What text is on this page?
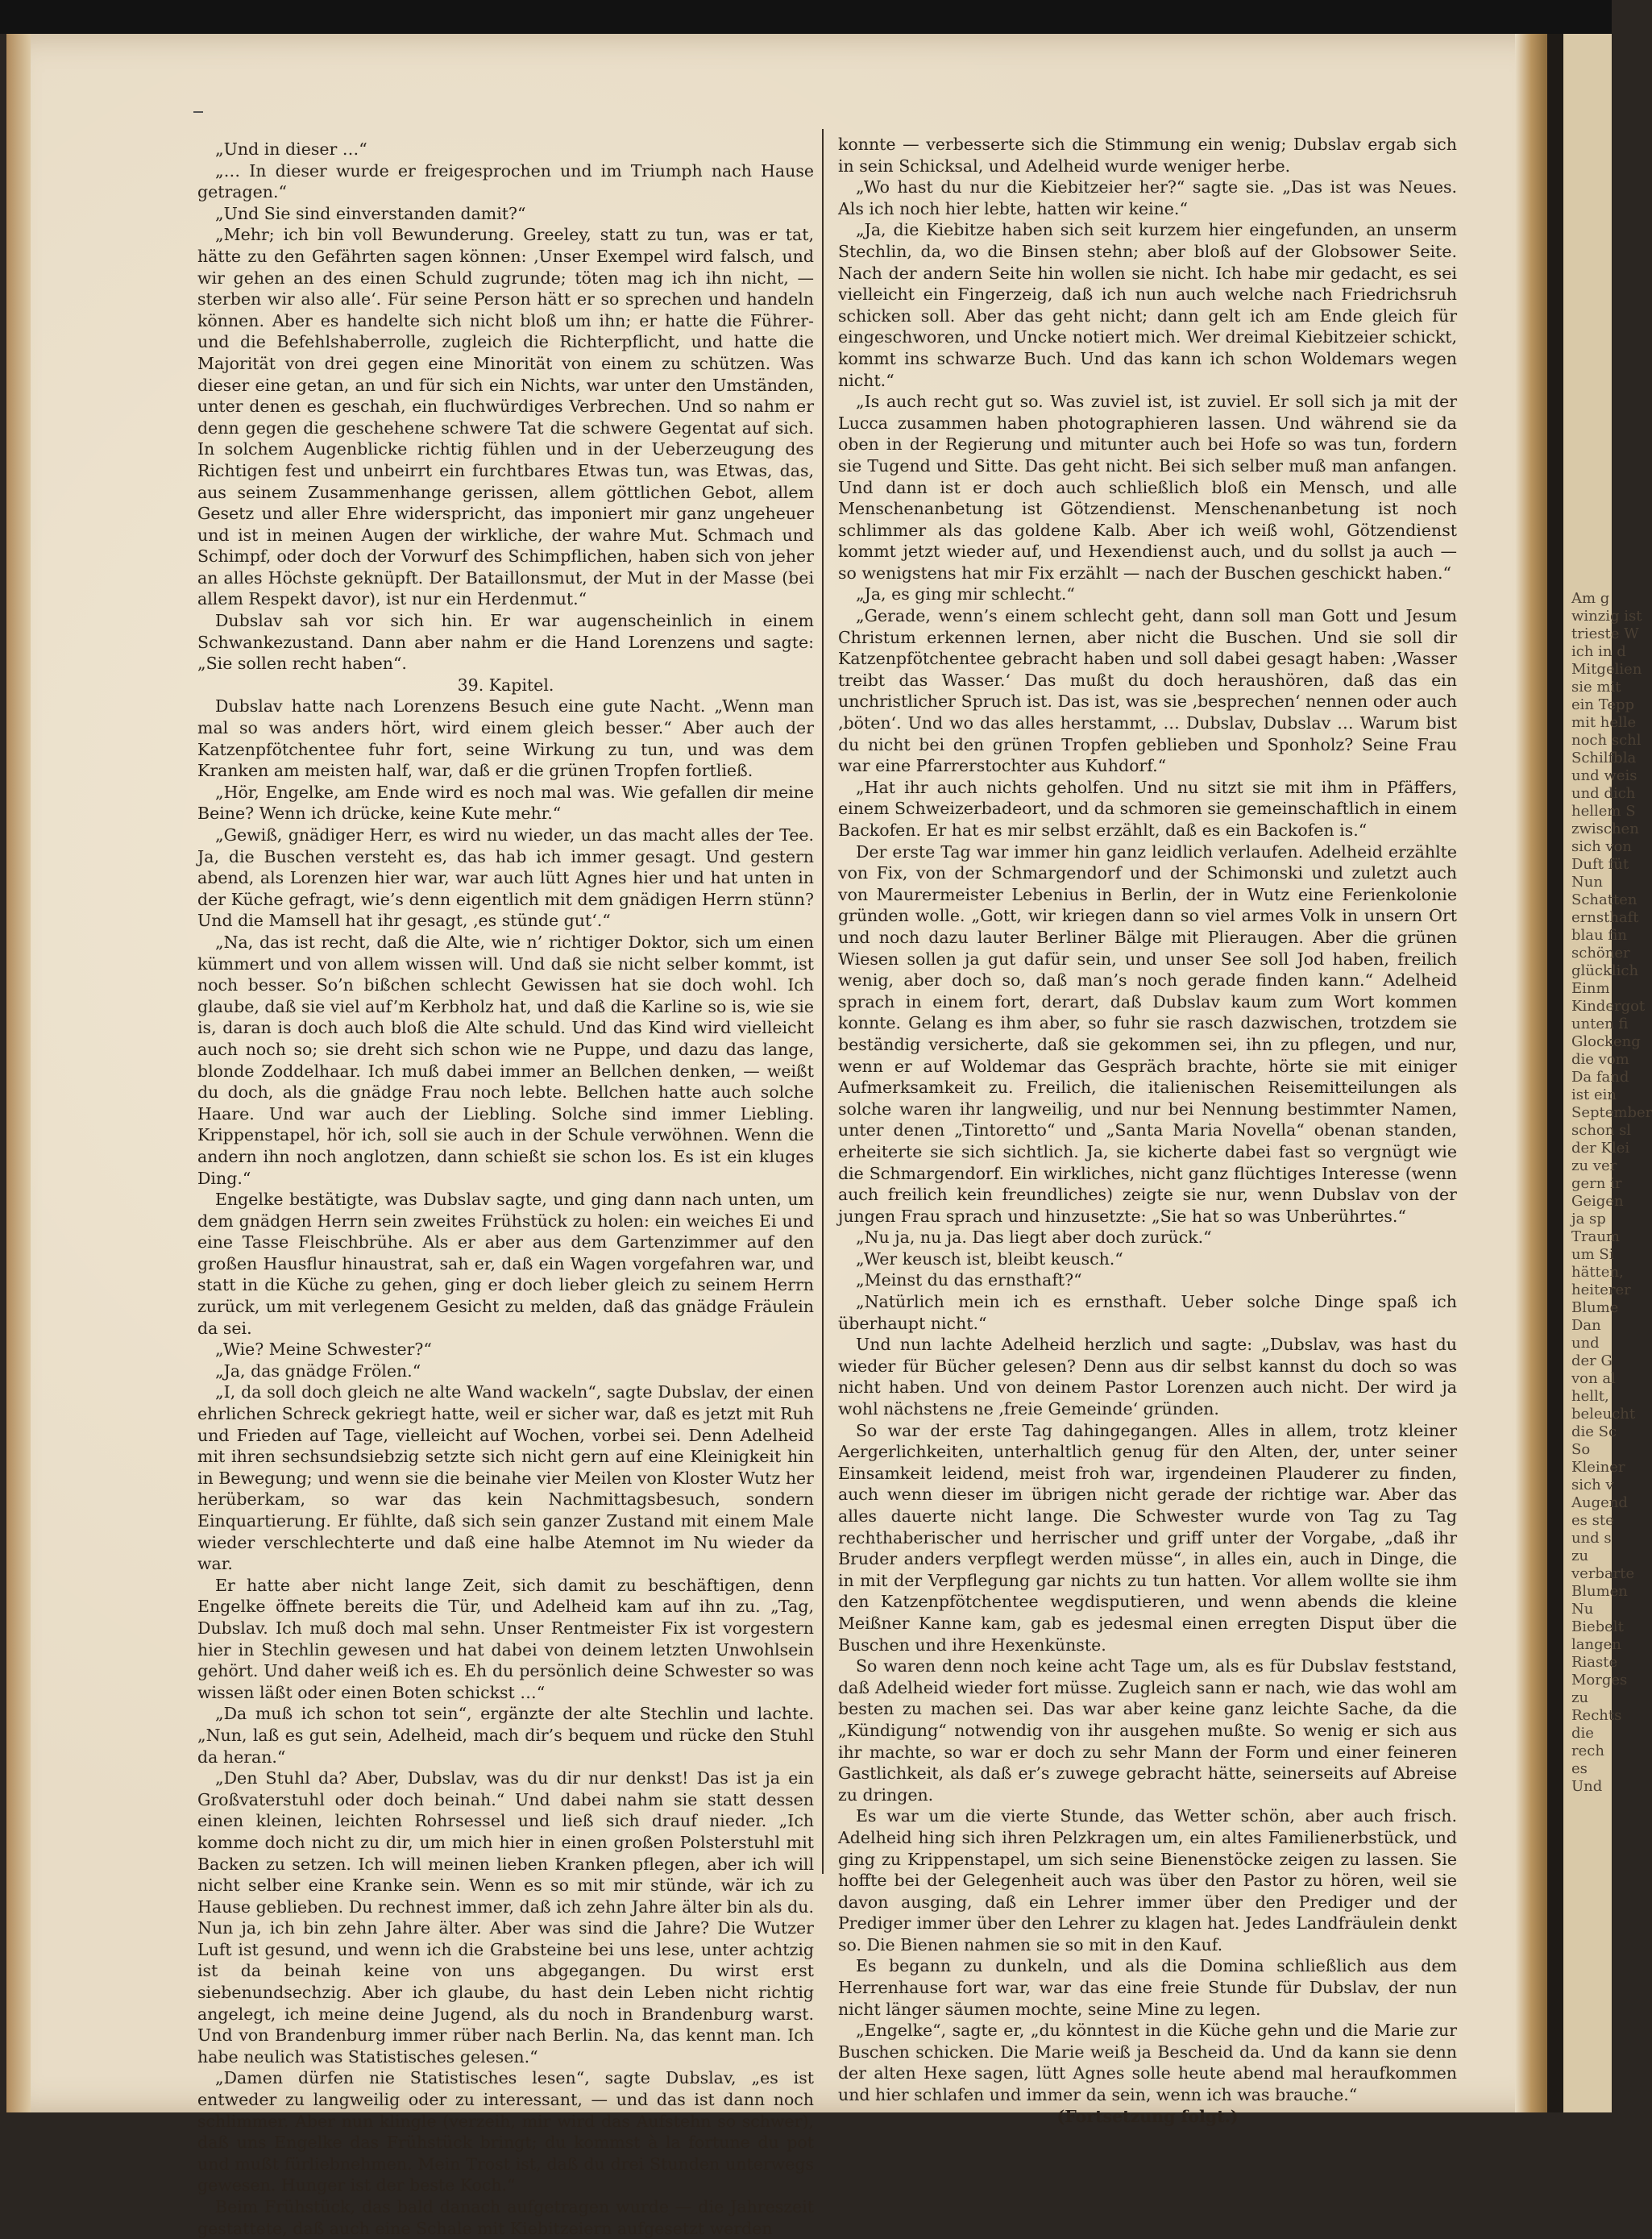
„Und in dieser …“

„… In dieser wurde er freigesprochen und im Triumph nach Hause getragen.“

„Und Sie sind einverstanden damit?“

„Mehr; ich bin voll Bewunderung. Greeley, statt zu tun, was er tat, hätte zu den Gefährten sagen können: ‚Unser Exempel wird falsch, und wir gehen an des einen Schuld zugrunde; töten mag ich ihn nicht, — sterben wir also alle‘. Für seine Person hätt er so sprechen und handeln können. Aber es handelte sich nicht bloß um ihn; er hatte die Führer- und die Befehlshaberrolle, zugleich die Richterpflicht, und hatte die Majorität von drei gegen eine Minorität von einem zu schützen. Was dieser eine getan, an und für sich ein Nichts, war unter den Umständen, unter denen es geschah, ein fluchwürdiges Verbrechen. Und so nahm er denn gegen die geschehene schwere Tat die schwere Gegentat auf sich. In solchem Augenblicke richtig fühlen und in der Ueberzeugung des Richtigen fest und unbeirrt ein furchtbares Etwas tun, was Etwas, das, aus seinem Zusammenhange gerissen, allem göttlichen Gebot, allem Gesetz und aller Ehre widerspricht, das imponiert mir ganz ungeheuer und ist in meinen Augen der wirkliche, der wahre Mut. Schmach und Schimpf, oder doch der Vorwurf des Schimpflichen, haben sich von jeher an alles Höchste geknüpft. Der Bataillonsmut, der Mut in der Masse (bei allem Respekt davor), ist nur ein Herdenmut.“

Dubslav sah vor sich hin. Er war augenscheinlich in einem Schwankezustand. Dann aber nahm er die Hand Lorenzens und sagte: „Sie sollen recht haben“.

39. Kapitel.

Dubslav hatte nach Lorenzens Besuch eine gute Nacht. „Wenn man mal so was anders hört, wird einem gleich besser.“ Aber auch der Katzenpfötchentee fuhr fort, seine Wirkung zu tun, und was dem Kranken am meisten half, war, daß er die grünen Tropfen fortließ.

„Hör, Engelke, am Ende wird es noch mal was. Wie gefallen dir meine Beine? Wenn ich drücke, keine Kute mehr.“

„Gewiß, gnädiger Herr, es wird nu wieder, un das macht alles der Tee. Ja, die Buschen versteht es, das hab ich immer gesagt. Und gestern abend, als Lorenzen hier war, war auch lütt Agnes hier und hat unten in der Küche gefragt, wie’s denn eigentlich mit dem gnädigen Herrn stünn? Und die Mamsell hat ihr gesagt, ‚es stünde gut‘.“

„Na, das ist recht, daß die Alte, wie n’ richtiger Doktor, sich um einen kümmert und von allem wissen will. Und daß sie nicht selber kommt, ist noch besser. So’n bißchen schlecht Gewissen hat sie doch wohl. Ich glaube, daß sie viel auf’m Kerbholz hat, und daß die Karline so is, wie sie is, daran is doch auch bloß die Alte schuld. Und das Kind wird vielleicht auch noch so; sie dreht sich schon wie ne Puppe, und dazu das lange, blonde Zoddelhaar. Ich muß dabei immer an Bellchen denken, — weißt du doch, als die gnädge Frau noch lebte. Bellchen hatte auch solche Haare. Und war auch der Liebling. Solche sind immer Liebling. Krippenstapel, hör ich, soll sie auch in der Schule verwöhnen. Wenn die andern ihn noch anglotzen, dann schießt sie schon los. Es ist ein kluges Ding.“

Engelke bestätigte, was Dubslav sagte, und ging dann nach unten, um dem gnädgen Herrn sein zweites Frühstück zu holen: ein weiches Ei und eine Tasse Fleischbrühe. Als er aber aus dem Gartenzimmer auf den großen Hausflur hinaustrat, sah er, daß ein Wagen vorgefahren war, und statt in die Küche zu gehen, ging er doch lieber gleich zu seinem Herrn zurück, um mit verlegenem Gesicht zu melden, daß das gnädge Fräulein da sei.

„Wie? Meine Schwester?“

„Ja, das gnädge Frölen.“

„I, da soll doch gleich ne alte Wand wackeln“, sagte Dubslav, der einen ehrlichen Schreck gekriegt hatte, weil er sicher war, daß es jetzt mit Ruh und Frieden auf Tage, vielleicht auf Wochen, vorbei sei. Denn Adelheid mit ihren sechsundsiebzig setzte sich nicht gern auf eine Kleinigkeit hin in Bewegung; und wenn sie die beinahe vier Meilen von Kloster Wutz her herüberkam, so war das kein Nachmittagsbesuch, sondern Einquartierung. Er fühlte, daß sich sein ganzer Zustand mit einem Male wieder verschlechterte und daß eine halbe Atemnot im Nu wieder da war.

Er hatte aber nicht lange Zeit, sich damit zu beschäftigen, denn Engelke öffnete bereits die Tür, und Adelheid kam auf ihn zu. „Tag, Dubslav. Ich muß doch mal sehn. Unser Rentmeister Fix ist vorgestern hier in Stechlin gewesen und hat dabei von deinem letzten Unwohlsein gehört. Und daher weiß ich es. Eh du persönlich deine Schwester so was wissen läßt oder einen Boten schickst …“

„Da muß ich schon tot sein“, ergänzte der alte Stechlin und lachte. „Nun, laß es gut sein, Adelheid, mach dir’s bequem und rücke den Stuhl da heran.“

„Den Stuhl da? Aber, Dubslav, was du dir nur denkst! Das ist ja ein Großvaterstuhl oder doch beinah.“ Und dabei nahm sie statt dessen einen kleinen, leichten Rohrsessel und ließ sich drauf nieder. „Ich komme doch nicht zu dir, um mich hier in einen großen Polsterstuhl mit Backen zu setzen. Ich will meinen lieben Kranken pflegen, aber ich will nicht selber eine Kranke sein. Wenn es so mit mir stünde, wär ich zu Hause geblieben. Du rechnest immer, daß ich zehn Jahre älter bin als du. Nun ja, ich bin zehn Jahre älter. Aber was sind die Jahre? Die Wutzer Luft ist gesund, und wenn ich die Grabsteine bei uns lese, unter achtzig ist da beinah keine von uns abgegangen. Du wirst erst siebenundsechzig. Aber ich glaube, du hast dein Leben nicht richtig angelegt, ich meine deine Jugend, als du noch in Brandenburg warst. Und von Brandenburg immer rüber nach Berlin. Na, das kennt man. Ich habe neulich was Statistisches gelesen.“

„Damen dürfen nie Statistisches lesen“, sagte Dubslav, „es ist entweder zu langweilig oder zu interessant, — und das ist dann noch schlimmer. Aber nun klingle (verzeih, mir wird das Aufstehn so schwer), daß uns Engelke das Frühstück bringt; du kommst à la fortune du pot und mußt fürliebnehmen. Mein Trost ist, daß du drei Stunden unterwegs gewesen. Hunger ist der beste Koch.“

Beim Frühstück, das bald danach aufgetragen wurde — die Jahreszeit gestattete, daß auch eine Schale mit Kiebitzeiern aufgesetzt werden

konnte — verbesserte sich die Stimmung ein wenig; Dubslav ergab sich in sein Schicksal, und Adelheid wurde weniger herbe.

„Wo hast du nur die Kiebitzeier her?“ sagte sie. „Das ist was Neues. Als ich noch hier lebte, hatten wir keine.“

„Ja, die Kiebitze haben sich seit kurzem hier eingefunden, an unserm Stechlin, da, wo die Binsen stehn; aber bloß auf der Globsower Seite. Nach der andern Seite hin wollen sie nicht. Ich habe mir gedacht, es sei vielleicht ein Fingerzeig, daß ich nun auch welche nach Friedrichsruh schicken soll. Aber das geht nicht; dann gelt ich am Ende gleich für eingeschworen, und Uncke notiert mich. Wer dreimal Kiebitzeier schickt, kommt ins schwarze Buch. Und das kann ich schon Woldemars wegen nicht.“

„Is auch recht gut so. Was zuviel ist, ist zuviel. Er soll sich ja mit der Lucca zusammen haben photographieren lassen. Und während sie da oben in der Regierung und mitunter auch bei Hofe so was tun, fordern sie Tugend und Sitte. Das geht nicht. Bei sich selber muß man anfangen. Und dann ist er doch auch schließlich bloß ein Mensch, und alle Menschenanbetung ist Götzendienst. Menschenanbetung ist noch schlimmer als das goldene Kalb. Aber ich weiß wohl, Götzendienst kommt jetzt wieder auf, und Hexendienst auch, und du sollst ja auch — so wenigstens hat mir Fix erzählt — nach der Buschen geschickt haben.“

„Ja, es ging mir schlecht.“

„Gerade, wenn’s einem schlecht geht, dann soll man Gott und Jesum Christum erkennen lernen, aber nicht die Buschen. Und sie soll dir Katzenpfötchentee gebracht haben und soll dabei gesagt haben: ‚Wasser treibt das Wasser.‘ Das mußt du doch heraushören, daß das ein unchristlicher Spruch ist. Das ist, was sie ‚besprechen‘ nennen oder auch ‚böten‘. Und wo das alles herstammt, … Dubslav, Dubslav … Warum bist du nicht bei den grünen Tropfen geblieben und Sponholz? Seine Frau war eine Pfarrerstochter aus Kuhdorf.“

„Hat ihr auch nichts geholfen. Und nu sitzt sie mit ihm in Pfäffers, einem Schweizerbadeort, und da schmoren sie gemeinschaftlich in einem Backofen. Er hat es mir selbst erzählt, daß es ein Backofen is.“

Der erste Tag war immer hin ganz leidlich verlaufen. Adelheid erzählte von Fix, von der Schmargendorf und der Schimonski und zuletzt auch von Maurermeister Lebenius in Berlin, der in Wutz eine Ferienkolonie gründen wolle. „Gott, wir kriegen dann so viel armes Volk in unsern Ort und noch dazu lauter Berliner Bälge mit Plieraugen. Aber die grünen Wiesen sollen ja gut dafür sein, und unser See soll Jod haben, freilich wenig, aber doch so, daß man’s noch gerade finden kann.“ Adelheid sprach in einem fort, derart, daß Dubslav kaum zum Wort kommen konnte. Gelang es ihm aber, so fuhr sie rasch dazwischen, trotzdem sie beständig versicherte, daß sie gekommen sei, ihn zu pflegen, und nur, wenn er auf Woldemar das Gespräch brachte, hörte sie mit einiger Aufmerksamkeit zu. Freilich, die italienischen Reisemitteilungen als solche waren ihr langweilig, und nur bei Nennung bestimmter Namen, unter denen „Tintoretto“ und „Santa Maria Novella“ obenan standen, erheiterte sie sich sichtlich. Ja, sie kicherte dabei fast so vergnügt wie die Schmargendorf. Ein wirkliches, nicht ganz flüchtiges Interesse (wenn auch freilich kein freundliches) zeigte sie nur, wenn Dubslav von der jungen Frau sprach und hinzusetzte: „Sie hat so was Unberührtes.“

„Nu ja, nu ja. Das liegt aber doch zurück.“

„Wer keusch ist, bleibt keusch.“

„Meinst du das ernsthaft?“

„Natürlich mein ich es ernsthaft. Ueber solche Dinge spaß ich überhaupt nicht.“

Und nun lachte Adelheid herzlich und sagte: „Dubslav, was hast du wieder für Bücher gelesen? Denn aus dir selbst kannst du doch so was nicht haben. Und von deinem Pastor Lorenzen auch nicht. Der wird ja wohl nächstens ne ‚freie Gemeinde‘ gründen.

So war der erste Tag dahingegangen. Alles in allem, trotz kleiner Aergerlichkeiten, unterhaltlich genug für den Alten, der, unter seiner Einsamkeit leidend, meist froh war, irgendeinen Plauderer zu finden, auch wenn dieser im übrigen nicht gerade der richtige war. Aber das alles dauerte nicht lange. Die Schwester wurde von Tag zu Tag rechthaberischer und herrischer und griff unter der Vorgabe, „daß ihr Bruder anders verpflegt werden müsse“, in alles ein, auch in Dinge, die in mit der Verpflegung gar nichts zu tun hatten. Vor allem wollte sie ihm den Katzenpfötchentee wegdisputieren, und wenn abends die kleine Meißner Kanne kam, gab es jedesmal einen erregten Disput über die Buschen und ihre Hexenkünste.

So waren denn noch keine acht Tage um, als es für Dubslav feststand, daß Adelheid wieder fort müsse. Zugleich sann er nach, wie das wohl am besten zu machen sei. Das war aber keine ganz leichte Sache, da die „Kündigung“ notwendig von ihr ausgehen mußte. So wenig er sich aus ihr machte, so war er doch zu sehr Mann der Form und einer feineren Gastlichkeit, als daß er’s zuwege gebracht hätte, seinerseits auf Abreise zu dringen.

Es war um die vierte Stunde, das Wetter schön, aber auch frisch. Adelheid hing sich ihren Pelzkragen um, ein altes Familienerbstück, und ging zu Krippenstapel, um sich seine Bienenstöcke zeigen zu lassen. Sie hoffte bei der Gelegenheit auch was über den Pastor zu hören, weil sie davon ausging, daß ein Lehrer immer über den Prediger und der Prediger immer über den Lehrer zu klagen hat. Jedes Landfräulein denkt so. Die Bienen nahmen sie so mit in den Kauf.

Es begann zu dunkeln, und als die Domina schließlich aus dem Herrenhause fort war, war das eine freie Stunde für Dubslav, der nun nicht länger säumen mochte, seine Mine zu legen.

„Engelke“, sagte er, „du könntest in die Küche gehn und die Marie zur Buschen schicken. Die Marie weiß ja Bescheid da. Und da kann sie denn der alten Hexe sagen, lütt Agnes solle heute abend mal heraufkommen und hier schlafen und immer da sein, wenn ich was brauche.“

(Fortsetzung folgt.)

Am g
winzig ist
trieste W
ich in d
Mitgelien
sie mit
ein Tepp
mit helle
noch schl
Schilfbla
und weis
und dich
hellem S
zwischen
sich von
Duft füt
Nun
Schatten
ernsthaft
blau fin
schöner
glücklich
Einm
Kindergot
unten fi
Glockeng
die vom
Da fand
ist ein
September
schon sl
der Klei
zu ver
gern ir
Geigen
ja sp
Traum
um Si
hätten,
heiterer
Blume
Dan
und
der G
von al
hellt,
beleucht
die Sc
So
Kleiner
sich v
Augend
es ste
und s
zu
verbarte
Blumen
Nu
Biebelt
langen
Riaste
Morges
zu
Rechts
die
rech
es
Und
